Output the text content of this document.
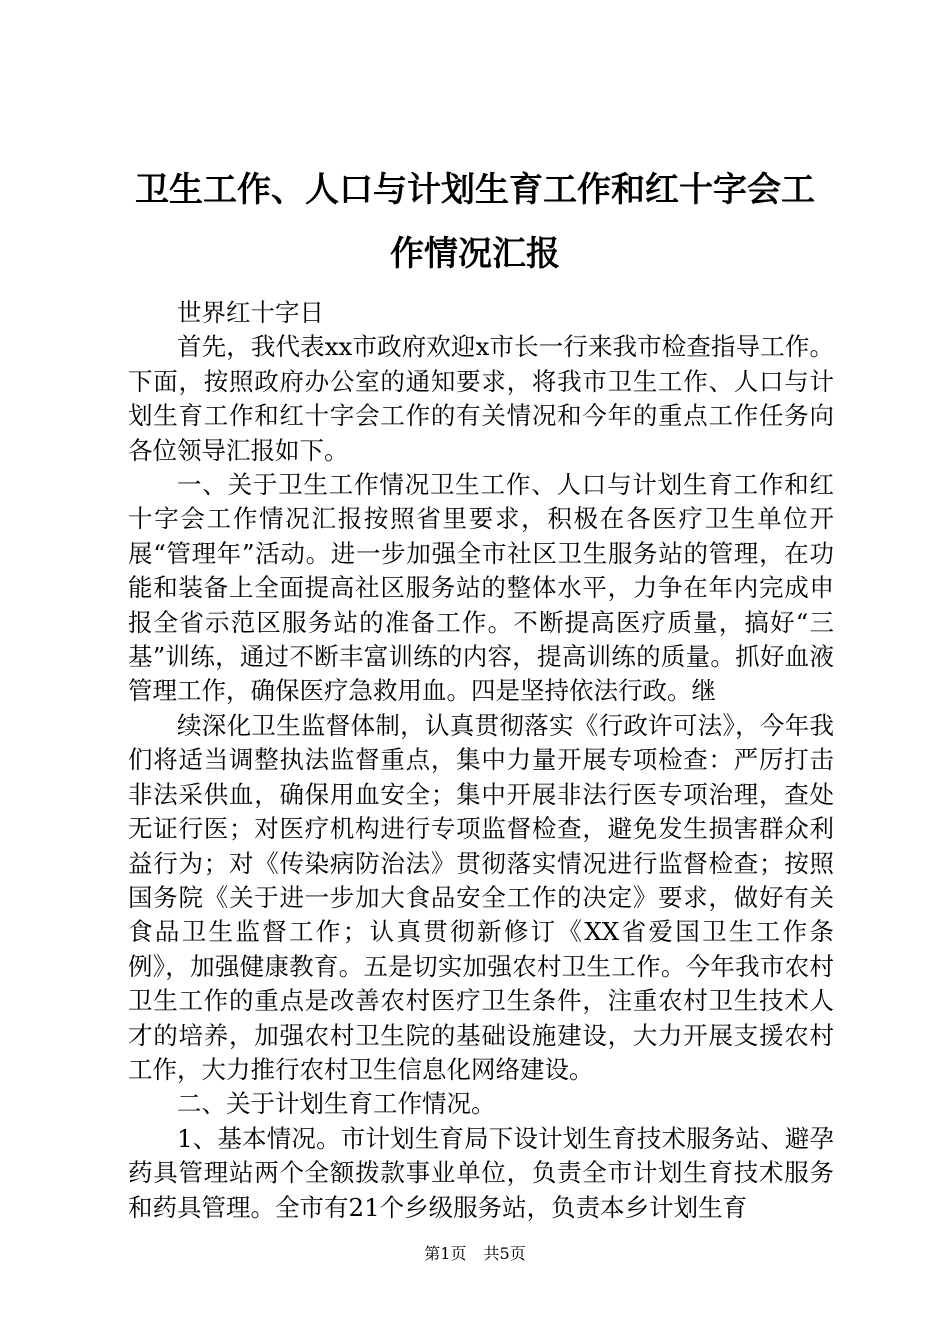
卫生工作、人口与计划生育工作和红十字会工作情况汇报

世界红十字日

首先，我代表xx市政府欢迎x市长一行来我市检查指导工作。下面，按照政府办公室的通知要求，将我市卫生工作、人口与计划生育工作和红十字会工作的有关情况和今年的重点工作任务向各位领导汇报如下。

一、关于卫生工作情况卫生工作、人口与计划生育工作和红十字会工作情况汇报按照省里要求，积极在各医疗卫生单位开展“管理年”活动。进一步加强全市社区卫生服务站的管理，在功能和装备上全面提高社区服务站的整体水平，力争在年内完成申报全省示范区服务站的准备工作。不断提高医疗质量，搞好“三基”训练，通过不断丰富训练的内容，提高训练的质量。抓好血液管理工作，确保医疗急救用血。四是坚持依法行政。继

续深化卫生监督体制，认真贯彻落实《行政许可法》，今年我们将适当调整执法监督重点，集中力量开展专项检查：严厉打击非法采供血，确保用血安全；集中开展非法行医专项治理，查处无证行医；对医疗机构进行专项监督检查，避免发生损害群众利益行为；对《传染病防治法》贯彻落实情况进行监督检查；按照国务院《关于进一步加大食品安全工作的决定》要求，做好有关食品卫生监督工作；认真贯彻新修订《XX省爱国卫生工作条例》，加强健康教育。五是切实加强农村卫生工作。今年我市农村卫生工作的重点是改善农村医疗卫生条件，注重农村卫生技术人才的培养，加强农村卫生院的基础设施建设，大力开展支援农村工作，大力推行农村卫生信息化网络建设。

二、关于计划生育工作情况。

1、基本情况。市计划生育局下设计划生育技术服务站、避孕药具管理站两个全额拨款事业单位，负责全市计划生育技术服务和药具管理。全市有21个乡级服务站，负责本乡计划生育

第1页 共5页
